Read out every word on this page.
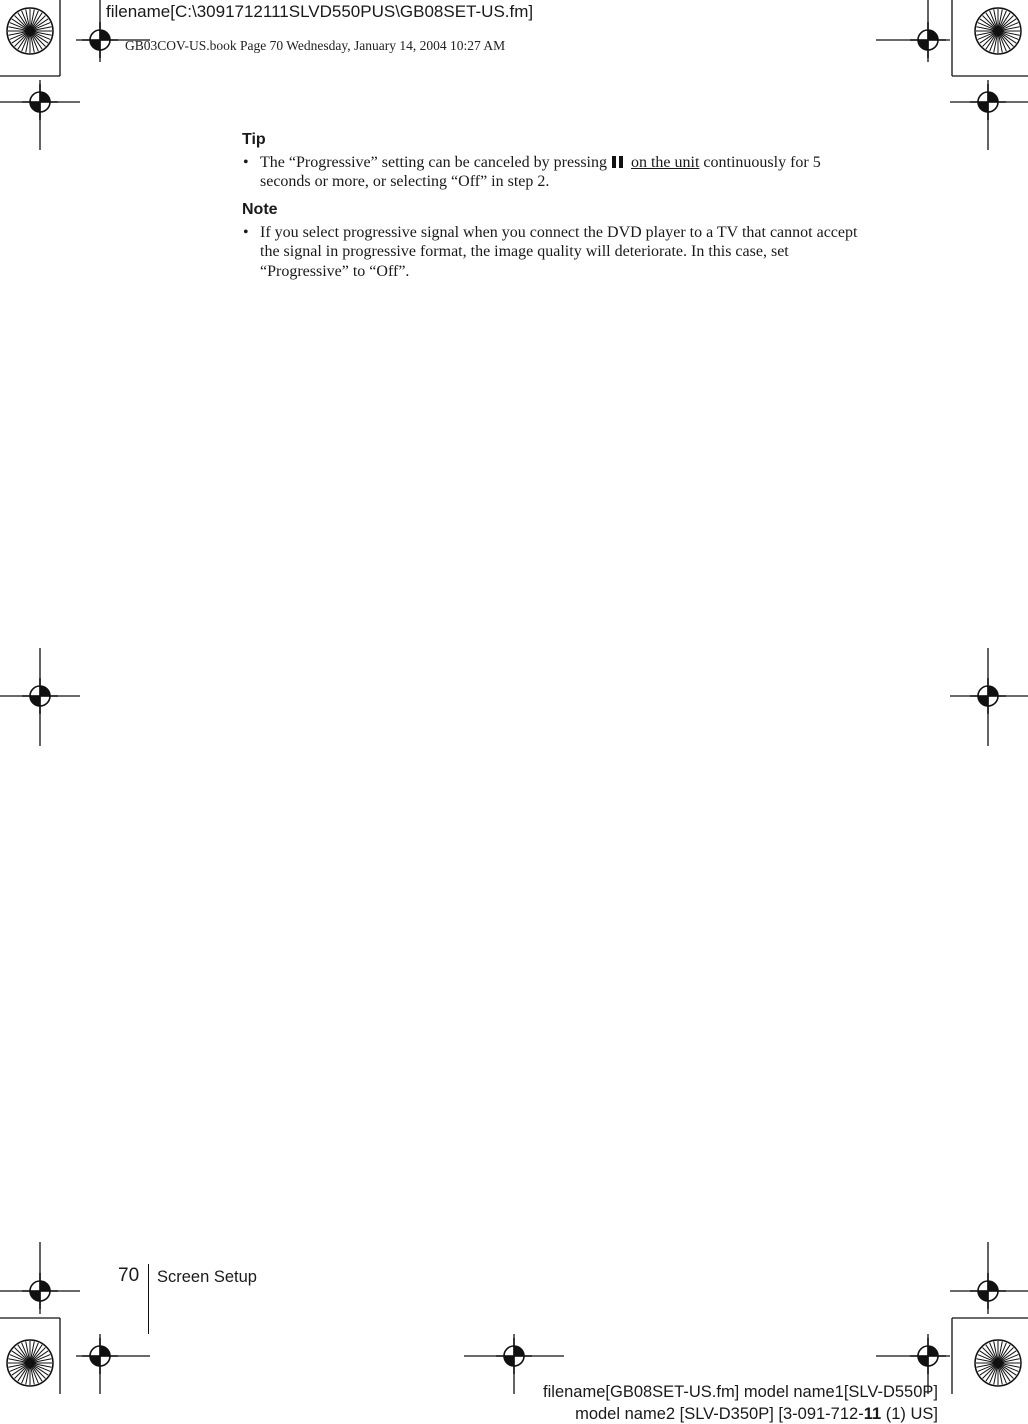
filename[C:\3091712111SLVD550PUS\GB08SET-US.fm]
GB03COV-US.book Page 70 Wednesday, January 14, 2004 10:27 AM
Tip
• The “Progressive” setting can be canceled by pressing on the unit continuously for 5
seconds or more, or selecting “Off” in step 2.
Note
• If you select progressive signal when you connect the DVD player to a TV that cannot accept
the signal in progressive format, the image quality will deteriorate. In this case, set
“Progressive” to “Off”.
70 Screen Setup
filename[GB08SET-US.fm] model name1[SLV-D550P]
model name2 [SLV-D350P] [3-091-712-11 (1) US]
